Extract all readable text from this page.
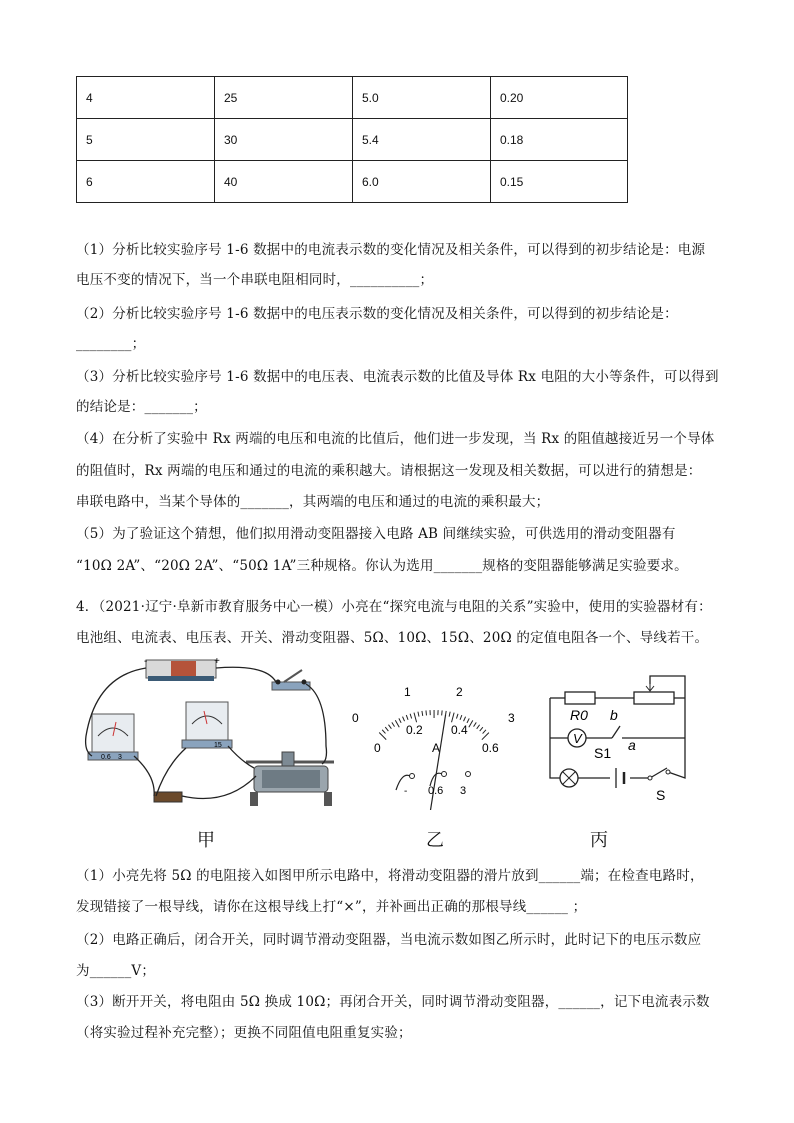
4	25	5.0	0.20
5	30	5.4	0.18
6	40	6.0	0.15
（1）分析比较实验序号 1-6 数据中的电流表示数的变化情况及相关条件，可以得到的初步结论是：电源
电压不变的情况下，当一个串联电阻相同时，__________；
（2）分析比较实验序号 1-6 数据中的电压表示数的变化情况及相关条件，可以得到的初步结论是：
________；
（3）分析比较实验序号 1-6 数据中的电压表、电流表示数的比值及导体 Rx 电阻的大小等条件，可以得到
的结论是：_______；
（4）在分析了实验中 Rx 两端的电压和电流的比值后，他们进一步发现，当 Rx 的阻值越接近另一个导体
的阻值时，Rx 两端的电压和通过的电流的乘积越大。请根据这一发现及相关数据，可以进行的猜想是：
串联电路中，当某个导体的_______，其两端的电压和通过的电流的乘积最大；
（5）为了验证这个猜想，他们拟用滑动变阻器接入电路 AB 间继续实验，可供选用的滑动变阻器有
“10Ω 2A”、“20Ω 2A”、“50Ω 1A”三种规格。你认为选用_______规格的变阻器能够满足实验要求。
4．（2021·辽宁·阜新市教育服务中心一模）小亮在“探究电流与电阻的关系”实验中，使用的实验器材有：
电池组、电流表、电压表、开关、滑动变阻器、5Ω、10Ω、15Ω、20Ω 的定值电阻各一个、导线若干。
-	+
0.6 3
15
0
1	2
3
0
0.2 0.4
0.6
A
- 0.6 3
R0 b
V
S1 a
S
甲	乙	丙
（1）小亮先将 5Ω 的电阻接入如图甲所示电路中，将滑动变阻器的滑片放到______端；在检查电路时，
发现错接了一根导线，请你在这根导线上打“×”，并补画出正确的那根导线______ ；
（2）电路正确后，闭合开关，同时调节滑动变阻器，当电流示数如图乙所示时，此时记下的电压示数应
为______V；
（3）断开开关，将电阻由 5Ω 换成 10Ω；再闭合开关，同时调节滑动变阻器，______，记下电流表示数
（将实验过程补充完整）；更换不同阻值电阻重复实验；
